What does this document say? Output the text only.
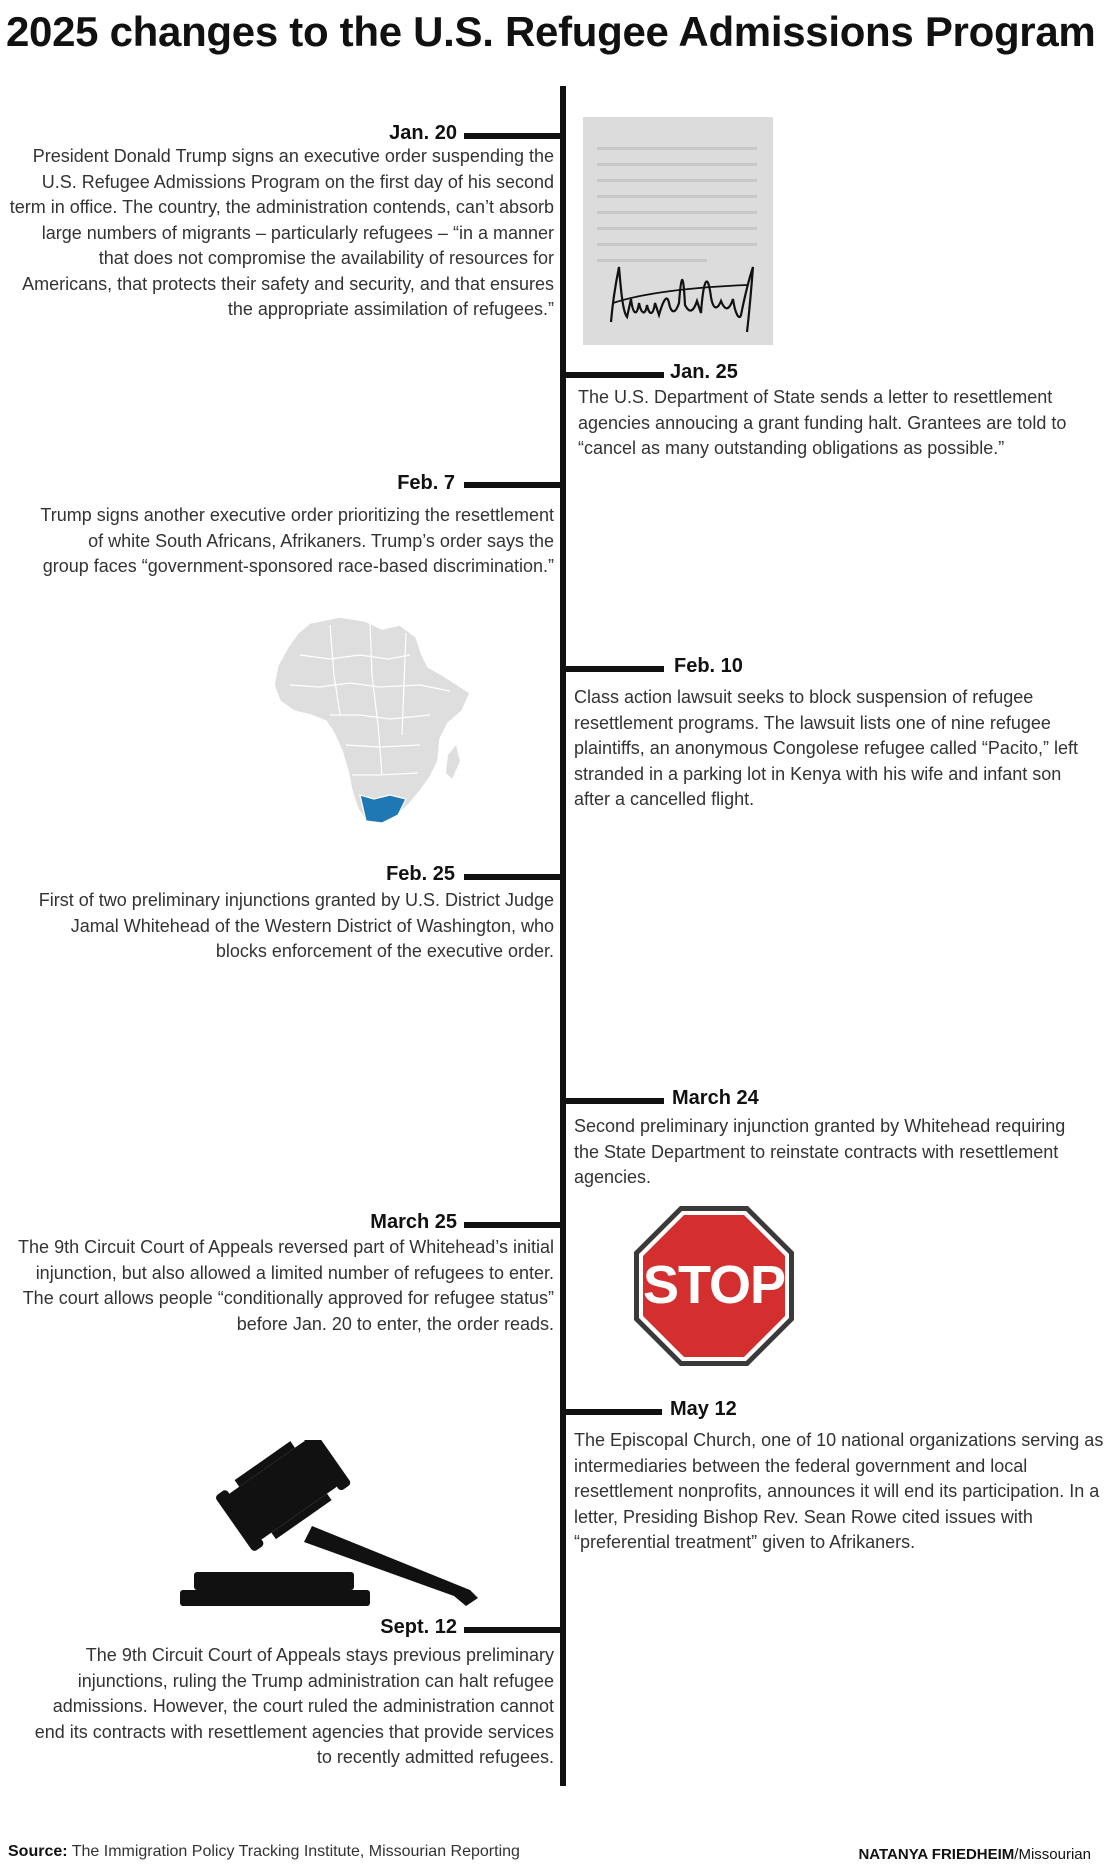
2025 changes to the U.S. Refugee Admissions Program
Jan. 20
President Donald Trump signs an executive order suspending the U.S. Refugee Admissions Program on the first day of his second term in office. The country, the administration contends, can’t absorb large numbers of migrants – particularly refugees – “in a manner that does not compromise the availability of resources for Americans, that protects their safety and security, and that ensures the appropriate assimilation of refugees.”
Jan. 25
The U.S. Department of State sends a letter to resettlement agencies annoucing a grant funding halt. Grantees are told to “cancel as many outstanding obligations as possible.”
Feb. 7
Trump signs another executive order prioritizing the resettlement of white South Africans, Afrikaners. Trump’s order says the group faces “government-sponsored race-based discrimination.”
Feb. 10
Class action lawsuit seeks to block suspension of refugee resettlement programs. The lawsuit lists one of nine refugee plaintiffs, an anonymous Congolese refugee called “Pacito,” left stranded in a parking lot in Kenya with his wife and infant son after a cancelled flight.
Feb. 25
First of two preliminary injunctions granted by U.S. District Judge Jamal Whitehead of the Western District of Washington, who blocks enforcement of the executive order.
March 24
Second preliminary injunction granted by Whitehead requiring the State Department to reinstate contracts with resettlement agencies.
March 25
The 9th Circuit Court of Appeals reversed part of Whitehead’s initial injunction, but also allowed a limited number of refugees to enter. The court allows people “conditionally approved for refugee status” before Jan. 20 to enter, the order reads.
May 12
The Episcopal Church, one of 10 national organizations serving as intermediaries between the federal government and local resettlement nonprofits, announces it will end its participation. In a letter, Presiding Bishop Rev. Sean Rowe cited issues with “preferential treatment” given to Afrikaners.
Sept. 12
The 9th Circuit Court of Appeals stays previous preliminary injunctions, ruling the Trump administration can halt refugee admissions. However, the court ruled the administration cannot end its contracts with resettlement agencies that provide services to recently admitted refugees.
STOP
Source: The Immigration Policy Tracking Institute, Missourian Reporting	NATANYA FRIEDHEIM/Missourian
